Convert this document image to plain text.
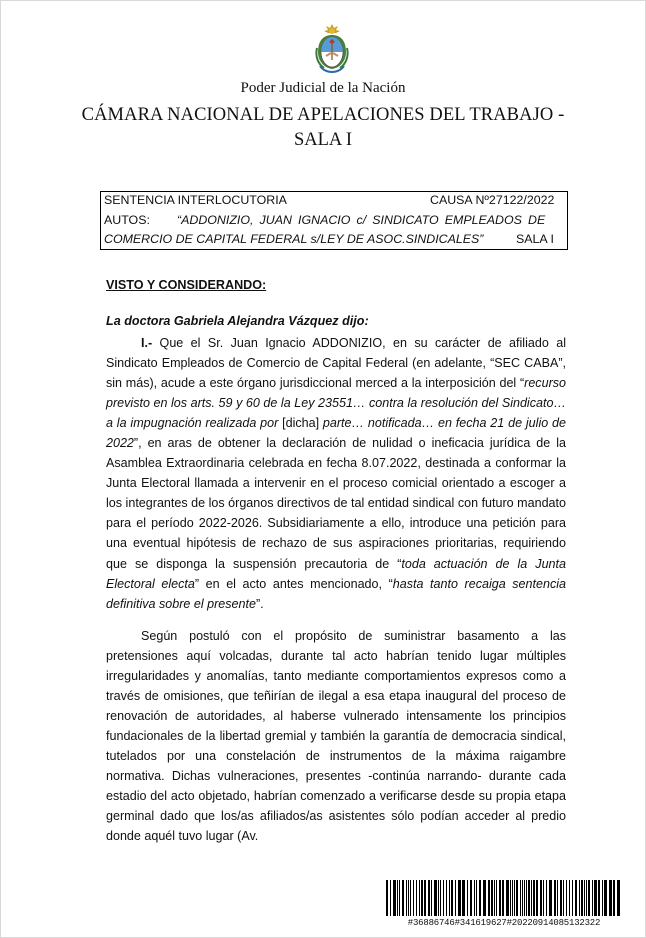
Poder Judicial de la Nación
CÁMARA NACIONAL DE APELACIONES DEL TRABAJO -
SALA I
SENTENCIA INTERLOCUTORIA	CAUSA Nº27122/2022
AUTOS: “ADDONIZIO, JUAN IGNACIO c/ SINDICATO EMPLEADOS DE
COMERCIO DE CAPITAL FEDERAL s/LEY DE ASOC.SINDICALES”	SALA I
VISTO Y CONSIDERANDO:
La doctora Gabriela Alejandra Vázquez dijo:
I.- Que el Sr. Juan Ignacio ADDONIZIO, en su carácter de afiliado al Sindicato Empleados de Comercio de Capital Federal (en adelante, “SEC CABA”, sin más), acude a este órgano jurisdiccional merced a la interposición del “recurso previsto en los arts. 59 y 60 de la Ley 23551… contra la resolución del Sindicato… a la impugnación realizada por [dicha] parte… notificada… en fecha 21 de julio de 2022”, en aras de obtener la declaración de nulidad o ineficacia jurídica de la Asamblea Extraordinaria celebrada en fecha 8.07.2022, destinada a conformar la Junta Electoral llamada a intervenir en el proceso comicial orientado a escoger a los integrantes de los órganos directivos de tal entidad sindical con futuro mandato para el período 2022-2026. Subsidiariamente a ello, introduce una petición para una eventual hipótesis de rechazo de sus aspiraciones prioritarias, requiriendo que se disponga la suspensión precautoria de “toda actuación de la Junta Electoral electa” en el acto antes mencionado, “hasta tanto recaiga sentencia definitiva sobre el presente”.
Según postuló con el propósito de suministrar basamento a las pretensiones aquí volcadas, durante tal acto habrían tenido lugar múltiples irregularidades y anomalías, tanto mediante comportamientos expresos como a través de omisiones, que teñirían de ilegal a esa etapa inaugural del proceso de renovación de autoridades, al haberse vulnerado intensamente los principios fundacionales de la libertad gremial y también la garantía de democracia sindical, tutelados por una constelación de instrumentos de la máxima raigambre normativa. Dichas vulneraciones, presentes -continúa narrando- durante cada estadio del acto objetado, habrían comenzado a verificarse desde su propia etapa germinal dado que los/as afiliados/as asistentes sólo podían acceder al predio donde aquél tuvo lugar (Av.
#36886746#341619627#20220914085132322
